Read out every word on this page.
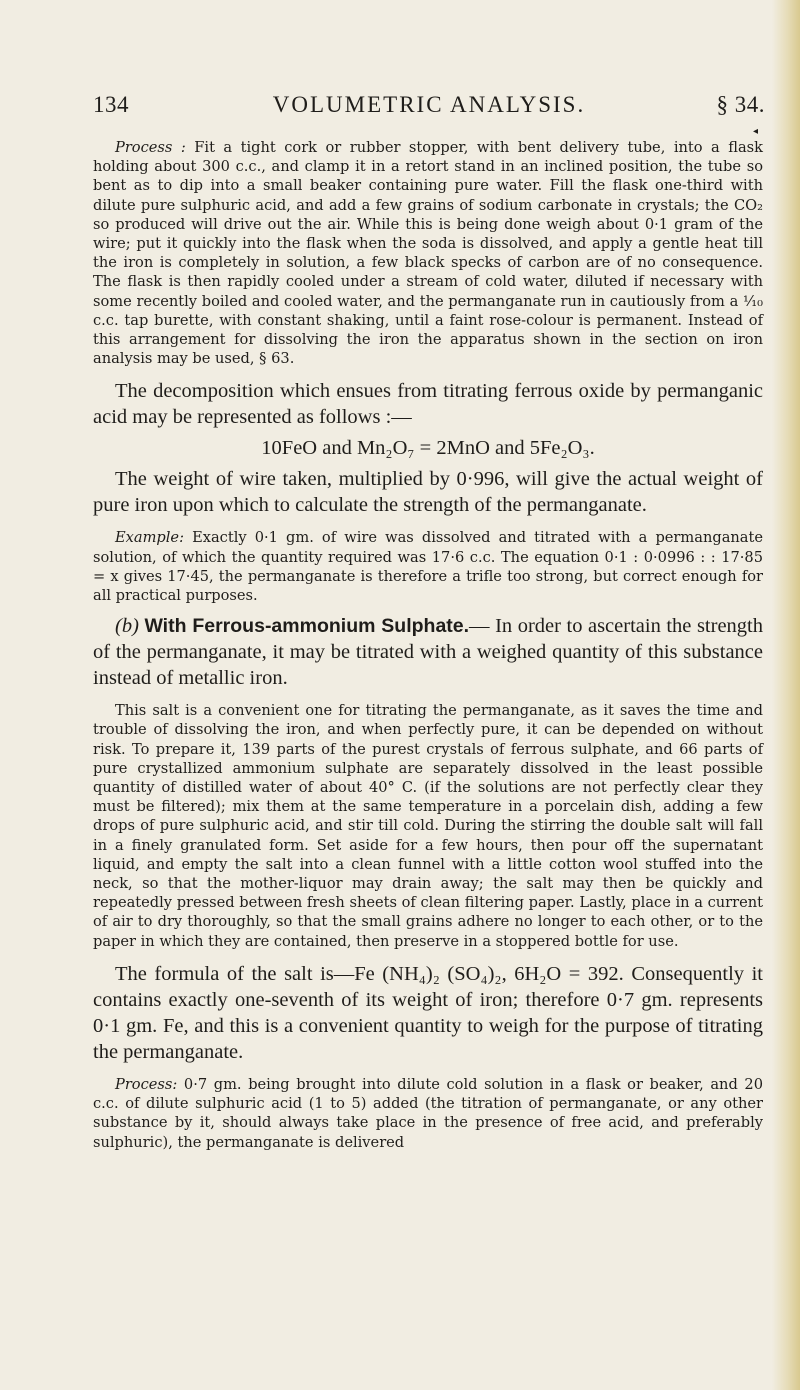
134	VOLUMETRIC ANALYSIS.	§ 34.
◂

Process : Fit a tight cork or rubber stopper, with bent delivery tube, into a flask holding about 300 c.c., and clamp it in a retort stand in an inclined position, the tube so bent as to dip into a small beaker containing pure water. Fill the flask one-third with dilute pure sulphuric acid, and add a few grains of sodium carbonate in crystals; the CO₂ so produced will drive out the air. While this is being done weigh about 0·1 gram of the wire; put it quickly into the flask when the soda is dissolved, and apply a gentle heat till the iron is completely in solution, a few black specks of carbon are of no consequence. The flask is then rapidly cooled under a stream of cold water, diluted if necessary with some recently boiled and cooled water, and the permanganate run in cautiously from a ¹⁄₁₀ c.c. tap burette, with constant shaking, until a faint rose-colour is permanent. Instead of this arrangement for dissolving the iron the apparatus shown in the section on iron analysis may be used, § 63.

The decomposition which ensues from titrating ferrous oxide by permanganic acid may be represented as follows :—

10FeO and Mn₂O₇ = 2MnO and 5Fe₂O₃.

The weight of wire taken, multiplied by 0·996, will give the actual weight of pure iron upon which to calculate the strength of the permanganate.

Example: Exactly 0·1 gm. of wire was dissolved and titrated with a permanganate solution, of which the quantity required was 17·6 c.c. The equation 0·1 : 0·0996 : : 17·85 = x gives 17·45, the permanganate is therefore a trifle too strong, but correct enough for all practical purposes.

(b) With Ferrous-ammonium Sulphate.— In order to ascertain the strength of the permanganate, it may be titrated with a weighed quantity of this substance instead of metallic iron.

This salt is a convenient one for titrating the permanganate, as it saves the time and trouble of dissolving the iron, and when perfectly pure, it can be depended on without risk. To prepare it, 139 parts of the purest crystals of ferrous sulphate, and 66 parts of pure crystallized ammonium sulphate are separately dissolved in the least possible quantity of distilled water of about 40° C. (if the solutions are not perfectly clear they must be filtered); mix them at the same temperature in a porcelain dish, adding a few drops of pure sulphuric acid, and stir till cold. During the stirring the double salt will fall in a finely granulated form. Set aside for a few hours, then pour off the supernatant liquid, and empty the salt into a clean funnel with a little cotton wool stuffed into the neck, so that the mother-liquor may drain away; the salt may then be quickly and repeatedly pressed between fresh sheets of clean filtering paper. Lastly, place in a current of air to dry thoroughly, so that the small grains adhere no longer to each other, or to the paper in which they are contained, then preserve in a stoppered bottle for use.

The formula of the salt is—Fe (NH₄)₂ (SO₄)₂, 6H₂O = 392. Consequently it contains exactly one-seventh of its weight of iron; therefore 0·7 gm. represents 0·1 gm. Fe, and this is a convenient quantity to weigh for the purpose of titrating the permanganate.

Process: 0·7 gm. being brought into dilute cold solution in a flask or beaker, and 20 c.c. of dilute sulphuric acid (1 to 5) added (the titration of permanganate, or any other substance by it, should always take place in the presence of free acid, and preferably sulphuric), the permanganate is delivered
